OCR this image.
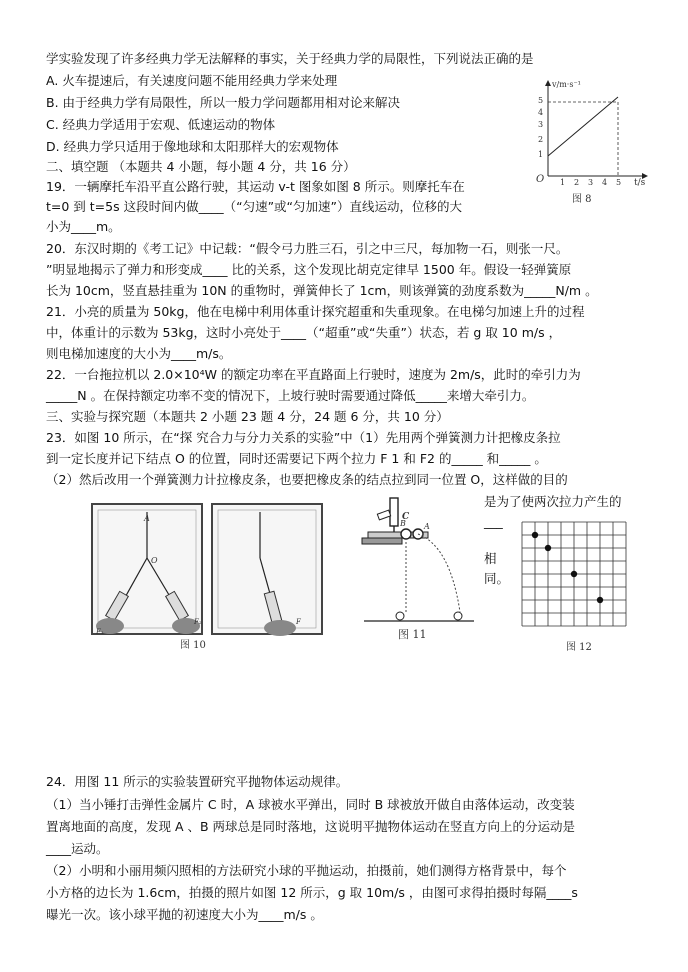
学实验发现了许多经典力学无法解释的事实，关于经典力学的局限性，下列说法正确的是
A. 火车提速后，有关速度问题不能用经典力学来处理
B. 由于经典力学有局限性，所以一般力学问题都用相对论来解决
C. 经典力学适用于宏观、低速运动的物体
D. 经典力学只适用于像地球和太阳那样大的宏观物体
二、填空题 （本题共 4 小题，每小题 4 分，共 16 分）
19．一辆摩托车沿平直公路行驶，其运动 v-t 图象如图 8 所示。则摩托车在
t=0 到 t=5s 这段时间内做____（“匀速”或“匀加速”）直线运动，位移的大
小为____m。
v/m·s⁻¹
t/s
O
1
2
3
4
5
1 2 3 4 5
图 8
20．东汉时期的《考工记》中记载：“假令弓力胜三石，引之中三尺，每加物一石，则张一尺。
”明显地揭示了弹力和形变成____ 比的关系，这个发现比胡克定律早 1500 年。假设一轻弹簧原
长为 10cm，竖直悬挂重为 10N 的重物时，弹簧伸长了 1cm，则该弹簧的劲度系数为_____N/m 。
21．小亮的质量为 50kg，他在电梯中利用体重计探究超重和失重现象。在电梯匀加速上升的过程
中，体重计的示数为 53kg，这时小亮处于____（“超重”或“失重”）状态，若 g 取 10 m/s ，
则电梯加速度的大小为____m/s。
22．一台拖拉机以 2.0×10⁴W 的额定功率在平直路面上行驶时，速度为 2m/s，此时的牵引力为
_____N 。在保持额定功率不变的情况下，上坡行驶时需要通过降低_____来增大牵引力。
三、实验与探究题（本题共 2 小题 23 题 4 分，24 题 6 分，共 10 分）
23．如图 10 所示，在“探 究合力与分力关系的实验”中（1）先用两个弹簧测力计把橡皮条拉
到一定长度并记下结点 O 的位置，同时还需要记下两个拉力 F 1 和 F2 的_____ 和_____ 。
（2）然后改用一个弹簧测力计拉橡皮条，也要把橡皮条的结点拉到同一位置 O，这样做的目的
是为了使两次拉力产生的
___
相
同。
A
O
F₁
F₂	F
图 10
C
B A
图 11
图 12
24．用图 11 所示的实验装置研究平抛物体运动规律。
（1）当小锤打击弹性金属片 C 时，A 球被水平弹出，同时 B 球被放开做自由落体运动，改变装
置离地面的高度，发现 A 、B 两球总是同时落地，这说明平抛物体运动在竖直方向上的分运动是
____运动。
（2）小明和小丽用频闪照相的方法研究小球的平抛运动，拍摄前，她们测得方格背景中，每个
小方格的边长为 1.6cm，拍摄的照片如图 12 所示，g 取 10m/s ，由图可求得拍摄时每隔____s
曝光一次。该小球平抛的初速度大小为____m/s 。
